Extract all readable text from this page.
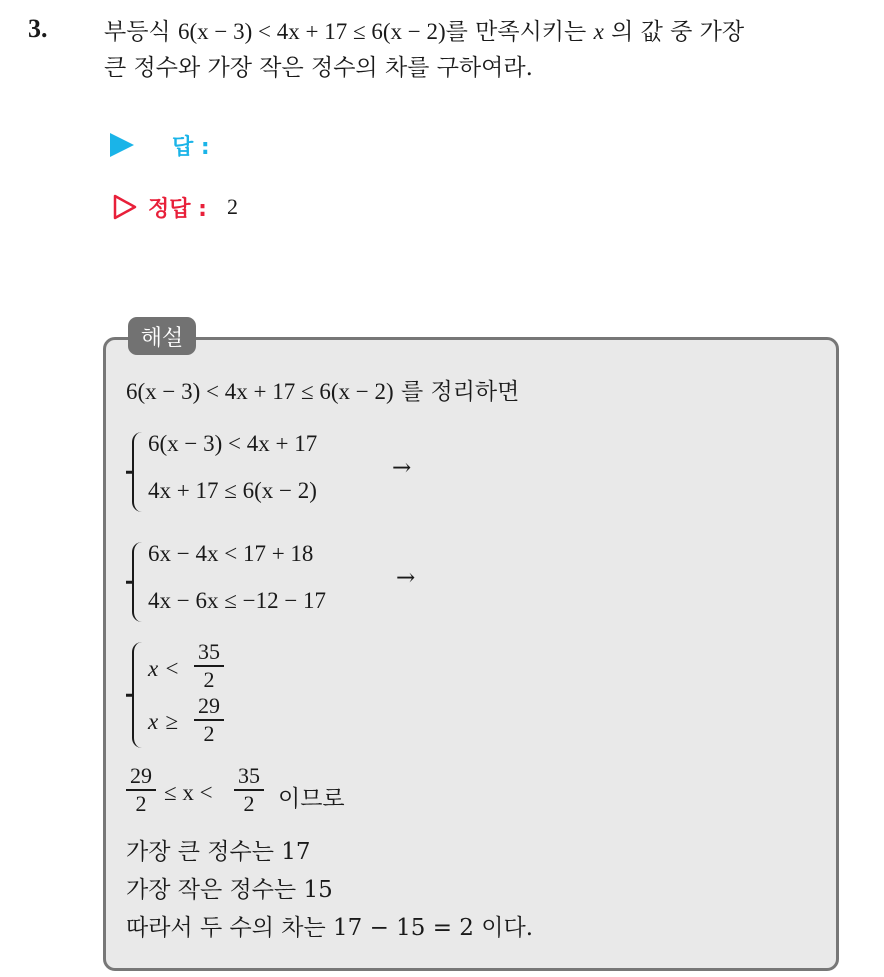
3. 부등식 6(x − 3) < 4x + 17 ≤ 6(x − 2)를 만족시키는 x 의 값 중 가장
큰 정수와 가장 작은 정수의 차를 구하여라.
답 :
정답 : 2
해설
6(x − 3) < 4x + 17 ≤ 6(x − 2) 를 정리하면
6(x − 3) < 4x + 17
4x + 17 ≤ 6(x − 2)
→
6x − 4x < 17 + 18
4x − 6x ≤ −12 − 17
→
x <
35
2
x ≥
29
2
29
2 ≤ x <
35
2	이므로
가장 큰 정수는 17
가장 작은 정수는 15
따라서 두 수의 차는 17 − 15 = 2 이다.
